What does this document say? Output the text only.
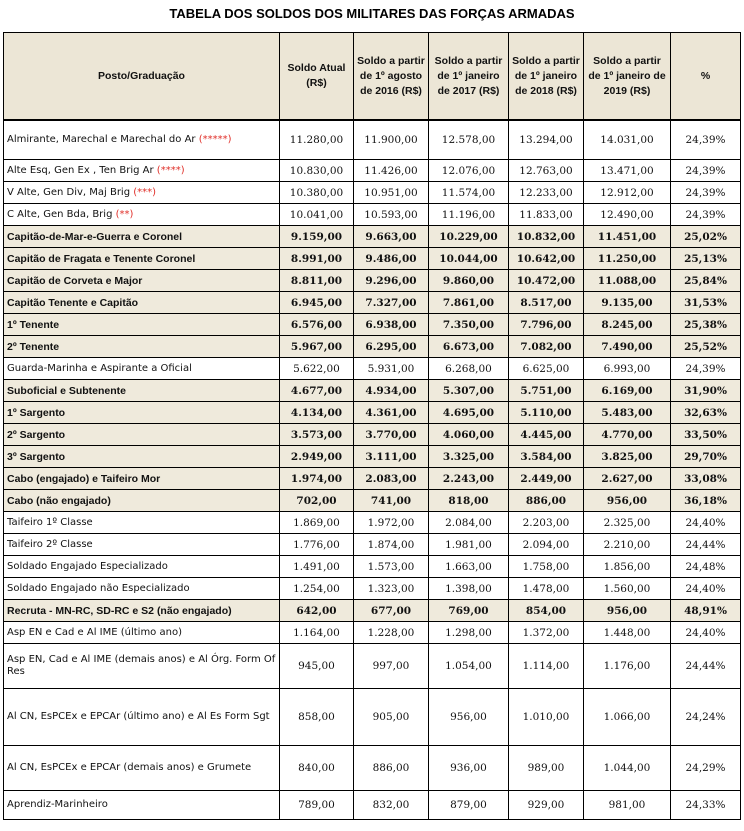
TABELA DOS SOLDOS DOS MILITARES DAS FORÇAS ARMADAS
Posto/Graduação	Soldo Atual (R$)	Soldo a partir de 1º agosto de 2016 (R$)	Soldo a partir de 1º janeiro de 2017 (R$)	Soldo a partir de 1º janeiro de 2018 (R$)	Soldo a partir de 1º janeiro de 2019 (R$)	%
Almirante, Marechal e Marechal do Ar (*****)	11.280,00	11.900,00	12.578,00	13.294,00	14.031,00	24,39%
Alte Esq, Gen Ex , Ten Brig Ar (****)	10.830,00	11.426,00	12.076,00	12.763,00	13.471,00	24,39%
V Alte, Gen Div, Maj Brig (***)	10.380,00	10.951,00	11.574,00	12.233,00	12.912,00	24,39%
C Alte, Gen Bda, Brig (**)	10.041,00	10.593,00	11.196,00	11.833,00	12.490,00	24,39%
Capitão-de-Mar-e-Guerra e Coronel	9.159,00	9.663,00	10.229,00	10.832,00	11.451,00	25,02%
Capitão de Fragata e Tenente Coronel	8.991,00	9.486,00	10.044,00	10.642,00	11.250,00	25,13%
Capitão de Corveta e Major	8.811,00	9.296,00	9.860,00	10.472,00	11.088,00	25,84%
Capitão Tenente e Capitão	6.945,00	7.327,00	7.861,00	8.517,00	9.135,00	31,53%
1º Tenente	6.576,00	6.938,00	7.350,00	7.796,00	8.245,00	25,38%
2º Tenente	5.967,00	6.295,00	6.673,00	7.082,00	7.490,00	25,52%
Guarda-Marinha e Aspirante a Oficial	5.622,00	5.931,00	6.268,00	6.625,00	6.993,00	24,39%
Suboficial e Subtenente	4.677,00	4.934,00	5.307,00	5.751,00	6.169,00	31,90%
1º Sargento	4.134,00	4.361,00	4.695,00	5.110,00	5.483,00	32,63%
2º Sargento	3.573,00	3.770,00	4.060,00	4.445,00	4.770,00	33,50%
3º Sargento	2.949,00	3.111,00	3.325,00	3.584,00	3.825,00	29,70%
Cabo (engajado) e Taifeiro Mor	1.974,00	2.083,00	2.243,00	2.449,00	2.627,00	33,08%
Cabo (não engajado)	702,00	741,00	818,00	886,00	956,00	36,18%
Taifeiro 1º Classe	1.869,00	1.972,00	2.084,00	2.203,00	2.325,00	24,40%
Taifeiro 2º Classe	1.776,00	1.874,00	1.981,00	2.094,00	2.210,00	24,44%
Soldado Engajado Especializado	1.491,00	1.573,00	1.663,00	1.758,00	1.856,00	24,48%
Soldado Engajado não Especializado	1.254,00	1.323,00	1.398,00	1.478,00	1.560,00	24,40%
Recruta - MN-RC, SD-RC e S2 (não engajado)	642,00	677,00	769,00	854,00	956,00	48,91%
Asp EN e Cad e Al IME (último ano)	1.164,00	1.228,00	1.298,00	1.372,00	1.448,00	24,40%
Asp EN, Cad e Al IME (demais anos) e Al Órg. Form Of Res	945,00	997,00	1.054,00	1.114,00	1.176,00	24,44%
Al CN, EsPCEx e EPCAr (último ano) e Al Es Form Sgt	858,00	905,00	956,00	1.010,00	1.066,00	24,24%
Al CN, EsPCEx e EPCAr (demais anos) e Grumete	840,00	886,00	936,00	989,00	1.044,00	24,29%
Aprendiz-Marinheiro	789,00	832,00	879,00	929,00	981,00	24,33%
